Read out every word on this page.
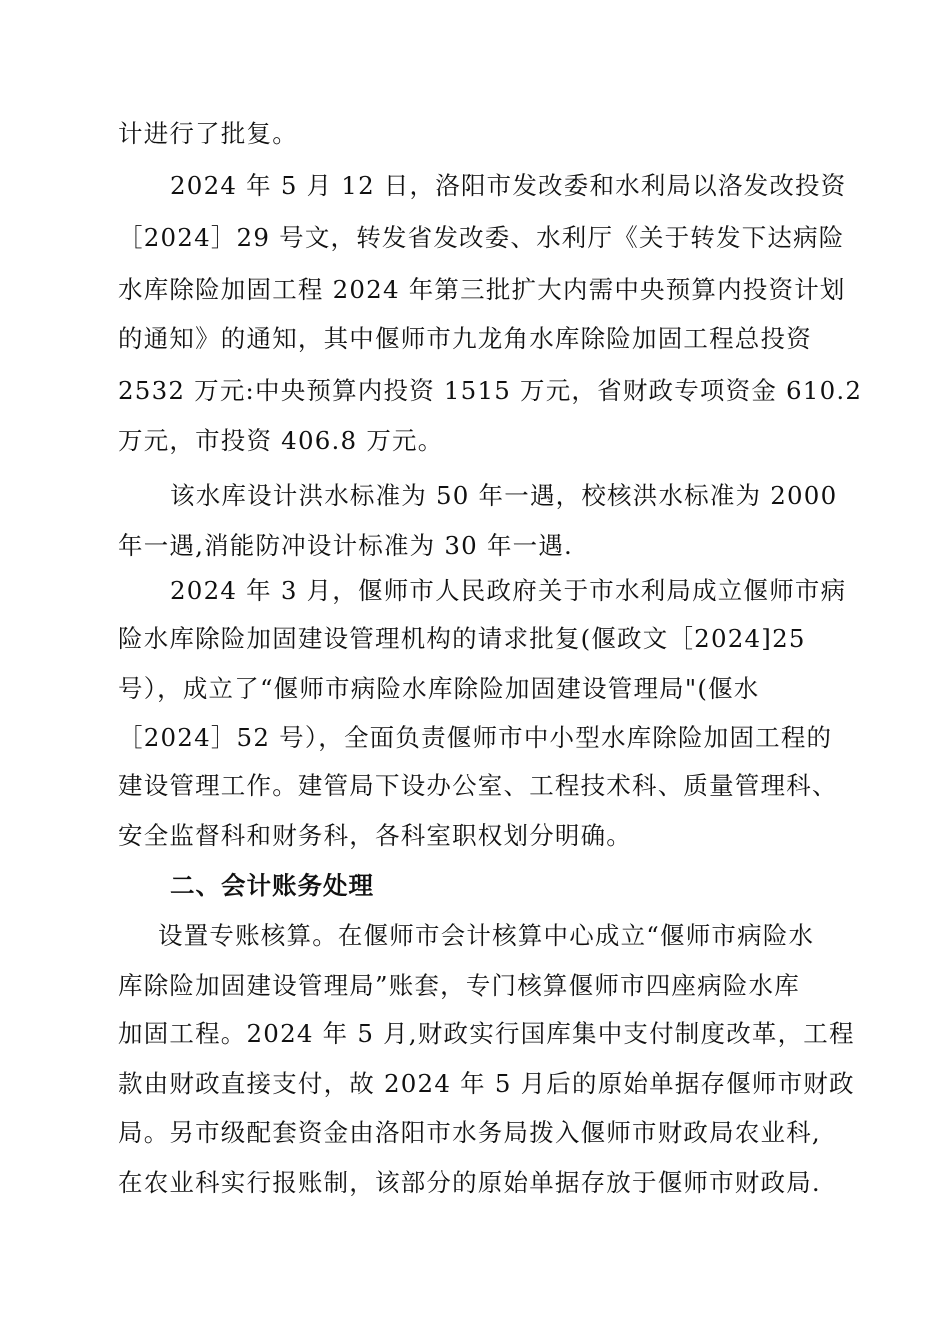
计进行了批复。
2024 年 5 月 12 日，洛阳市发改委和水利局以洛发改投资
［2024］29 号文，转发省发改委、水利厅《关于转发下达病险
水库除险加固工程 2024 年第三批扩大内需中央预算内投资计划
的通知》的通知，其中偃师市九龙角水库除险加固工程总投资
2532 万元:中央预算内投资 1515 万元，省财政专项资金 610.2
万元，市投资 406.8 万元。
该水库设计洪水标准为 50 年一遇，校核洪水标准为 2000
年一遇,消能防冲设计标准为 30 年一遇.
2024 年 3 月，偃师市人民政府关于市水利局成立偃师市病
险水库除险加固建设管理机构的请求批复(偃政文［2024]25
号），成立了“偃师市病险水库除险加固建设管理局"(偃水
［2024］52 号），全面负责偃师市中小型水库除险加固工程的
建设管理工作。建管局下设办公室、工程技术科、质量管理科、
安全监督科和财务科，各科室职权划分明确。
二、会计账务处理
设置专账核算。在偃师市会计核算中心成立“偃师市病险水
库除险加固建设管理局”账套，专门核算偃师市四座病险水库
加固工程。2024 年 5 月,财政实行国库集中支付制度改革，工程
款由财政直接支付，故 2024 年 5 月后的原始单据存偃师市财政
局。另市级配套资金由洛阳市水务局拨入偃师市财政局农业科,
在农业科实行报账制，该部分的原始单据存放于偃师市财政局.
